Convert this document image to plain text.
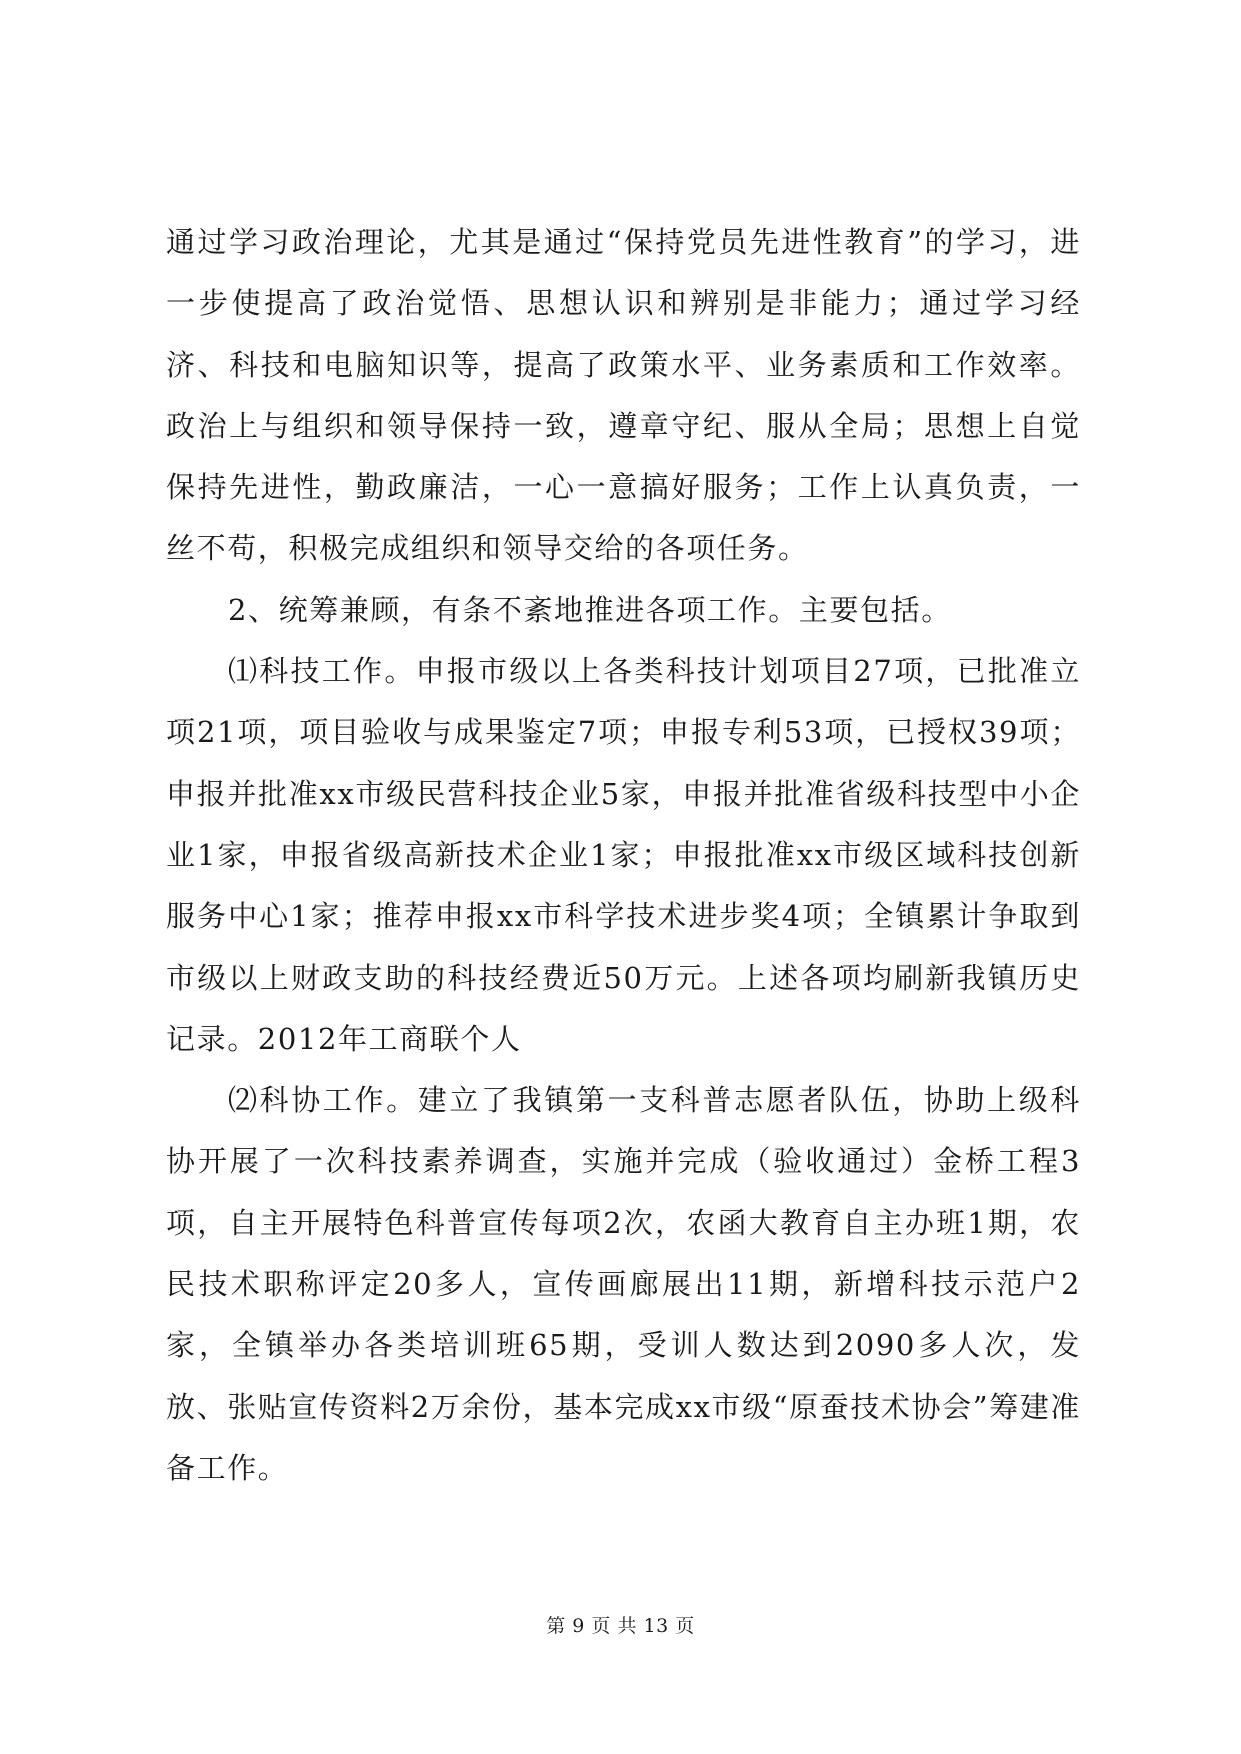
通过学习政治理论，尤其是通过“保持党员先进性教育”的学习，进一步使提高了政治觉悟、思想认识和辨别是非能力；通过学习经济、科技和电脑知识等，提高了政策水平、业务素质和工作效率。政治上与组织和领导保持一致，遵章守纪、服从全局；思想上自觉保持先进性，勤政廉洁，一心一意搞好服务；工作上认真负责，一丝不苟，积极完成组织和领导交给的各项任务。

2、统筹兼顾，有条不紊地推进各项工作。主要包括。

⑴科技工作。申报市级以上各类科技计划项目27项，已批准立项21项，项目验收与成果鉴定7项；申报专利53项，已授权39项；申报并批准xx市级民营科技企业5家，申报并批准省级科技型中小企业1家，申报省级高新技术企业1家；申报批准xx市级区域科技创新服务中心1家；推荐申报xx市科学技术进步奖4项；全镇累计争取到市级以上财政支助的科技经费近50万元。上述各项均刷新我镇历史记录。2012年工商联个人

⑵科协工作。建立了我镇第一支科普志愿者队伍，协助上级科协开展了一次科技素养调查，实施并完成（验收通过）金桥工程3项，自主开展特色科普宣传每项2次，农函大教育自主办班1期，农民技术职称评定20多人，宣传画廊展出11期，新增科技示范户2家，全镇举办各类培训班65期，受训人数达到2090多人次，发放、张贴宣传资料2万余份，基本完成xx市级“原蚕技术协会”筹建准备工作。

第 9 页 共 13 页
